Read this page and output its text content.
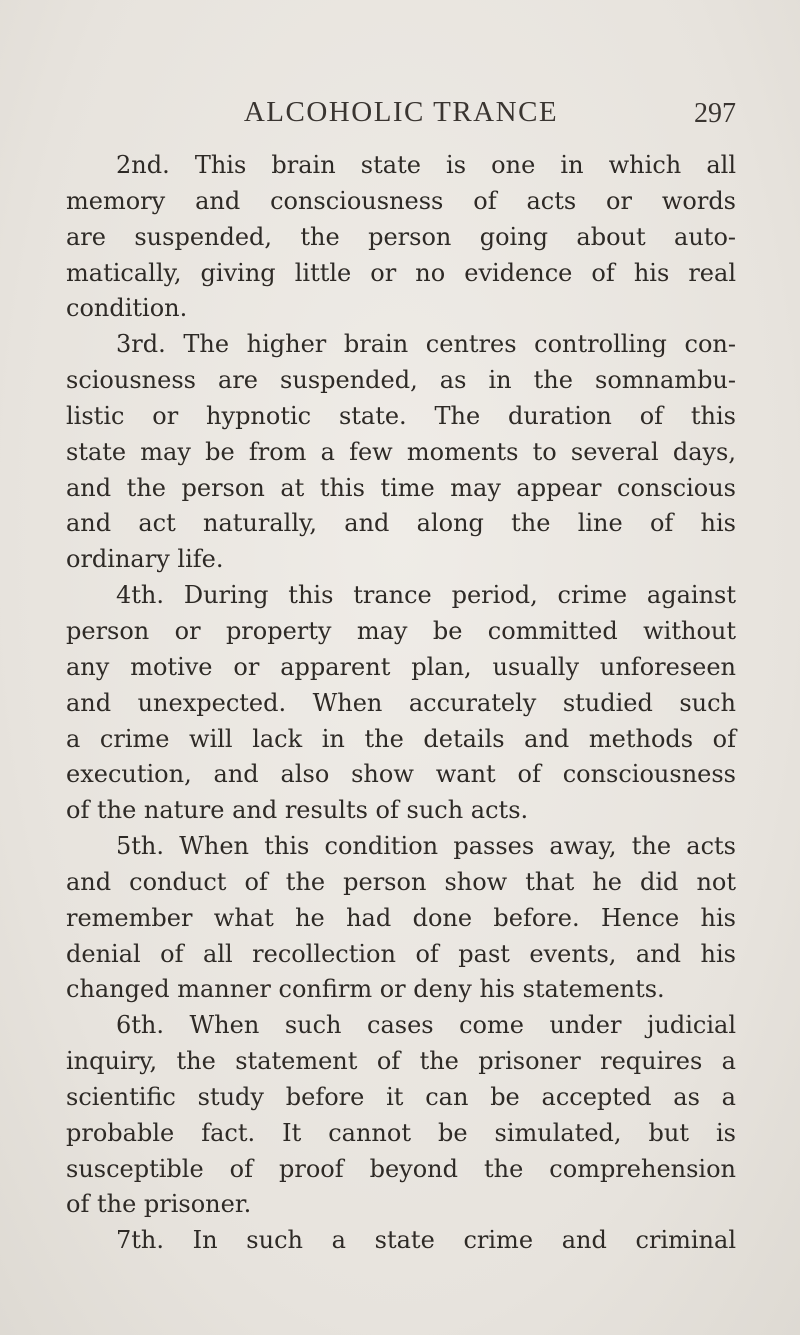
ALCOHOLIC TRANCE	297
2nd. This brain state is one in which all
memory and consciousness of acts or words
are suspended, the person going about auto-
matically, giving little or no evidence of his real
condition.
3rd. The higher brain centres controlling con-
sciousness are suspended, as in the somnambu-
listic or hypnotic state. The duration of this
state may be from a few moments to several days,
and the person at this time may appear conscious
and act naturally, and along the line of his
ordinary life.
4th. During this trance period, crime against
person or property may be committed without
any motive or apparent plan, usually unforeseen
and unexpected. When accurately studied such
a crime will lack in the details and methods of
execution, and also show want of consciousness
of the nature and results of such acts.
5th. When this condition passes away, the acts
and conduct of the person show that he did not
remember what he had done before. Hence his
denial of all recollection of past events, and his
changed manner confirm or deny his statements.
6th. When such cases come under judicial
inquiry, the statement of the prisoner requires a
scientific study before it can be accepted as a
probable fact. It cannot be simulated, but is
susceptible of proof beyond the comprehension
of the prisoner.
7th. In such a state crime and criminal
